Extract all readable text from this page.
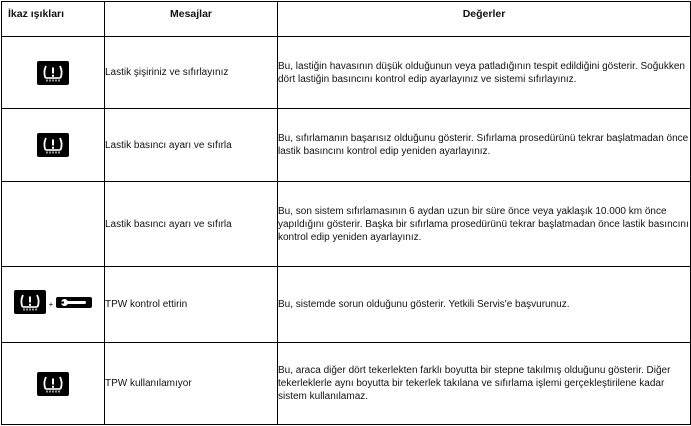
İkaz ışıkları	Mesajlar	Değerler

	Lastik şişiriniz ve sıfırlayınız	Bu, lastiğin havasının düşük olduğunun veya patladığının tespit edildiğini gösterir. Soğukken dört lastiğin basıncını kontrol edip ayarlayınız ve sistemi sıfırlayınız.

	Lastik basıncı ayarı ve sıfırla	Bu, sıfırlamanın başarısız olduğunu gösterir. Sıfırlama prosedürünü tekrar başlatmadan önce lastik basıncını kontrol edip yeniden ayarlayınız.
	Lastik basıncı ayarı ve sıfırla	Bu, son sistem sıfırlamasının 6 aydan uzun bir süre önce veya yaklaşık 10.000 km önce yapıldığını gösterir. Başka bir sıfırlama prosedürünü tekrar başlatmadan önce lastik basıncını kontrol edip yeniden ayarlayınız.

+	TPW kontrol ettirin	Bu, sistemde sorun olduğunu gösterir. Yetkili Servis'e başvurunuz.

	TPW kullanılamıyor	Bu, araca diğer dört tekerlekten farklı boyutta bir stepne takılmış olduğunu gösterir. Diğer tekerleklerle aynı boyutta bir tekerlek takılana ve sıfırlama işlemi gerçekleştirilene kadar sistem kullanılamaz.
